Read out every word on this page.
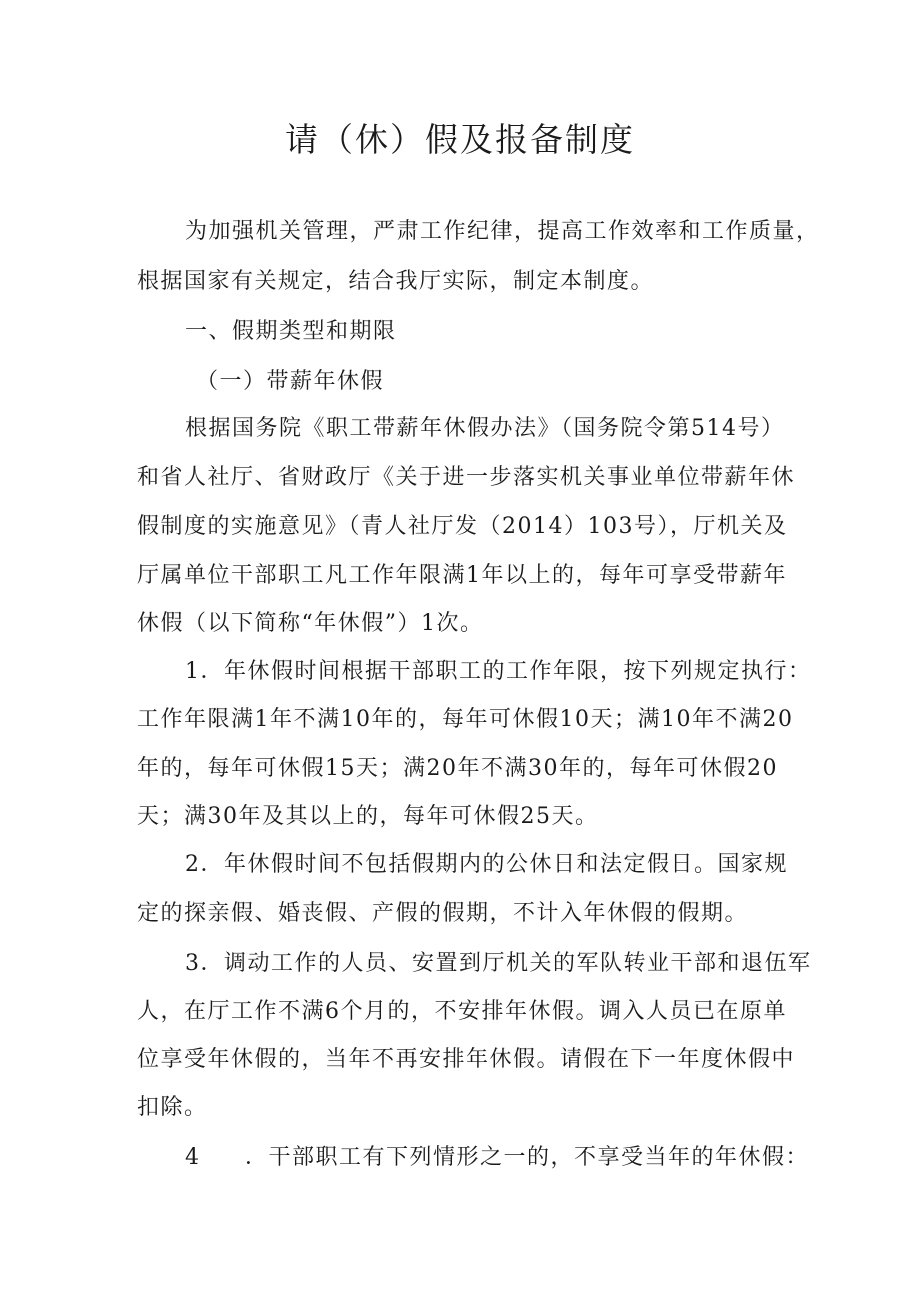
请（休）假及报备制度
为加强机关管理，严肃工作纪律，提高工作效率和工作质量，
根据国家有关规定，结合我厅实际，制定本制度。
一、假期类型和期限
（一）带薪年休假
根据国务院《职工带薪年休假办法》（国务院令第514号）
和省人社厅、省财政厅《关于进一步落实机关事业单位带薪年休
假制度的实施意见》（青人社厅发（2014）103号），厅机关及
厅属单位干部职工凡工作年限满1年以上的，每年可享受带薪年
休假（以下简称“年休假”）1次。
1．年休假时间根据干部职工的工作年限，按下列规定执行：
工作年限满1年不满10年的，每年可休假10天；满10年不满20
年的，每年可休假15天；满20年不满30年的，每年可休假20
天；满30年及其以上的，每年可休假25天。
2．年休假时间不包括假期内的公休日和法定假日。国家规
定的探亲假、婚丧假、产假的假期，不计入年休假的假期。
3．调动工作的人员、安置到厅机关的军队转业干部和退伍军
人，在厅工作不满6个月的，不安排年休假。调入人员已在原单
位享受年休假的，当年不再安排年休假。请假在下一年度休假中
扣除。
4 ．干部职工有下列情形之一的，不享受当年的年休假：
